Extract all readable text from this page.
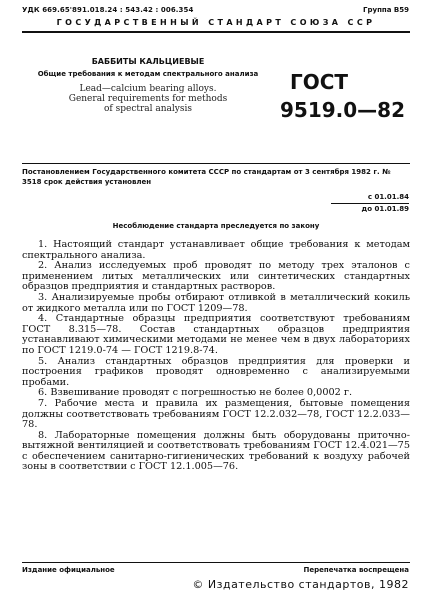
УДК 669.65'891.018.24 : 543.42 : 006.354	Группа В59
ГОСУДАРСТВЕННЫЙ СТАНДАРТ СОЮЗА ССР
БАББИТЫ КАЛЬЦИЕВЫЕ
Общие требования к методам спектрального анализа
Lead—calcium bearing alloys.
General requirements for methods
of spectral analysis
ГОСТ
9519.0—82
Постановлением Государственного комитета СССР по стандартам от 3 сентября 1982 г. № 3518 срок действия установлен
с 01.01.84
до 01.01.89
Несоблюдение стандарта преследуется по закону

1. Настоящий стандарт устанавливает общие требования к методам спектрального анализа.

2. Анализ исследуемых проб проводят по методу трех эталонов с применением литых металлических или синтетических стандартных образцов предприятия и стандартных растворов.

3. Анализируемые пробы отбирают отливкой в металлический кокиль от жидкого металла или по ГОСТ 1209—78.

4. Стандартные образцы предприятия соответствуют требованиям ГОСТ 8.315—78. Состав стандартных образцов предприятия устанавливают химическими методами не менее чем в двух лабораториях по ГОСТ 1219.0-74 — ГОСТ 1219.8-74.

5. Анализ стандартных образцов предприятия для проверки и построения графиков проводят одновременно с анализируемыми пробами.

6. Взвешивание проводят с погрешностью не более 0,0002 г.

7. Рабочие места и правила их размещения, бытовые помещения должны соответствовать требованиям ГОСТ 12.2.032—78, ГОСТ 12.2.033—78.

8. Лабораторные помещения должны быть оборудованы приточно-вытяжной вентиляцией и соответствовать требованиям ГОСТ 12.4.021—75 с обеспечением санитарно-гигиенических требований к воздуху рабочей зоны в соответствии с ГОСТ 12.1.005—76.

Издание официальное	Перепечатка воспрещена
© Издательство стандартов, 1982
